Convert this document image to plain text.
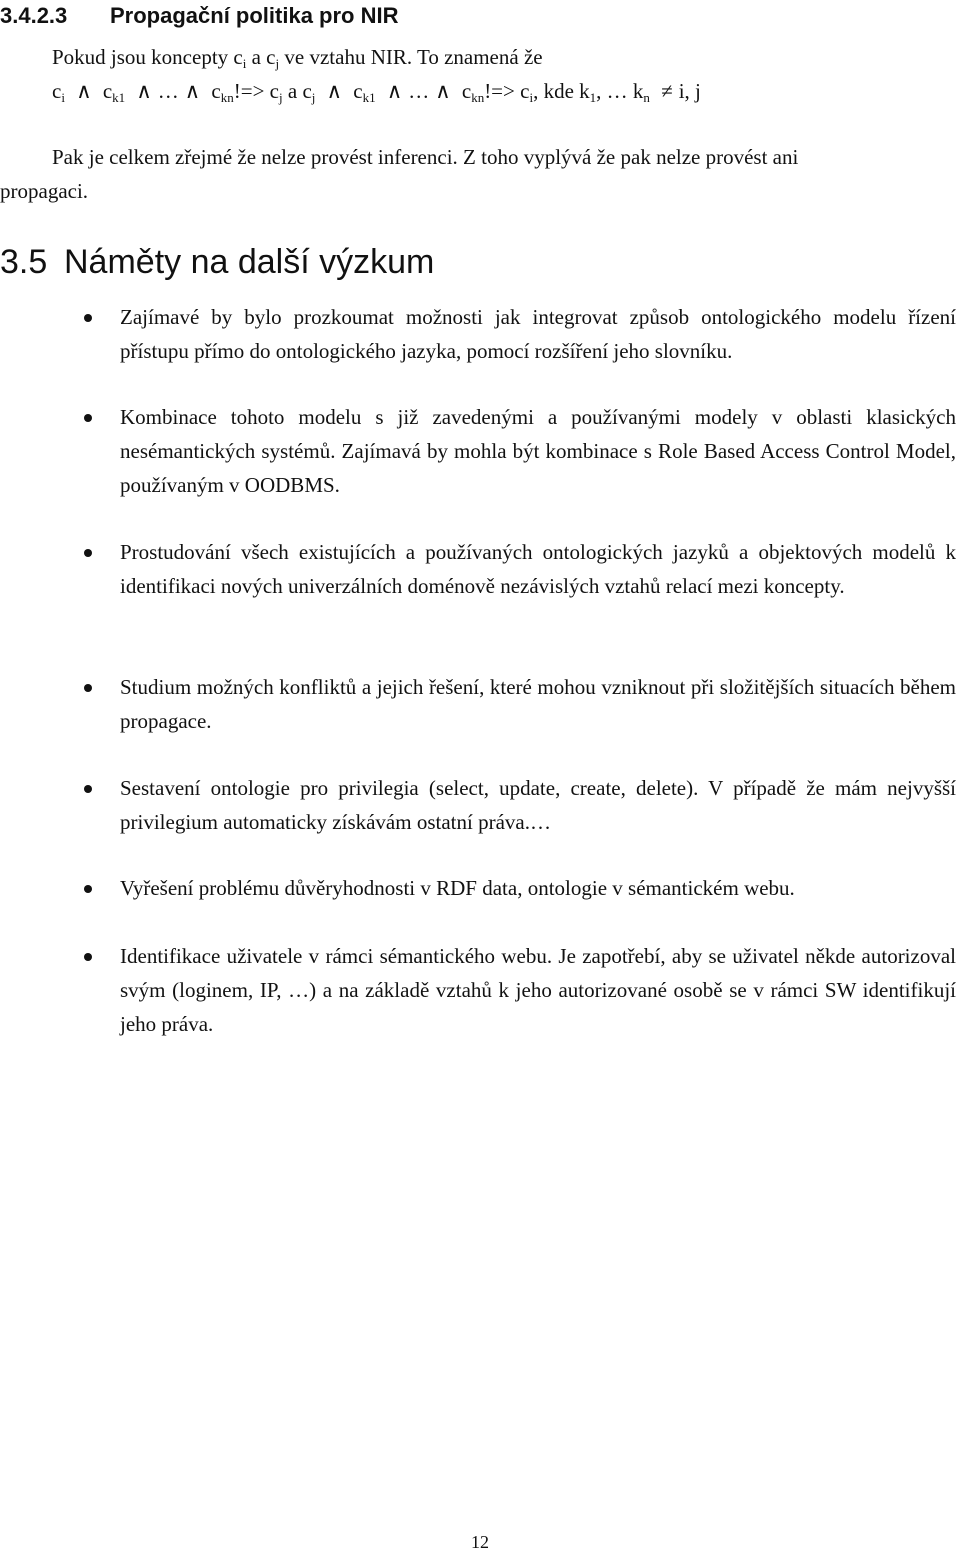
3.4.2.3 Propagační politika pro NIR
Pokud jsou koncepty $c_i$ a $c_j$ ve vztahu NIR. To znamená že
$c_i$ ∧ $c_{k1}$ ∧ … ∧ $c_{kn}!=> c_j$ a $c_j$ ∧ $c_{k1}$ ∧ … ∧ $c_{kn}!=> c_i$, kde $k_1$, … $k_n \ne i$, j
Pak je celkem zřejmé že nelze provést inferenci. Z toho vyplývá že pak nelze provést ani
propagaci.
3.5 Náměty na další výzkum
Zajímavé by bylo prozkoumat možnosti jak integrovat způsob ontologického modelu řízení přístupu přímo do ontologického jazyka, pomocí rozšíření jeho slovníku.
Kombinace tohoto modelu s již zavedenými a používanými modely v oblasti klasických nesémantických systémů. Zajímavá by mohla být kombinace s Role Based Access Control Model, používaným v OODBMS.
Prostudování všech existujících a používaných ontologických jazyků a objektových modelů k identifikaci nových univerzálních doménově nezávislých vztahů relací mezi koncepty.
Studium možných konfliktů a jejich řešení, které mohou vzniknout při složitějších situacích během propagace.
Sestavení ontologie pro privilegia (select, update, create, delete). V případě že mám nejvyšší privilegium automaticky získávám ostatní práva.…
Vyřešení problému důvěryhodnosti v RDF data, ontologie v sémantickém webu.
Identifikace uživatele v rámci sémantického webu. Je zapotřebí, aby se uživatel někde autorizoval svým (loginem, IP, …) a na základě vztahů k jeho autorizované osobě se v rámci SW identifikují jeho práva.
12
